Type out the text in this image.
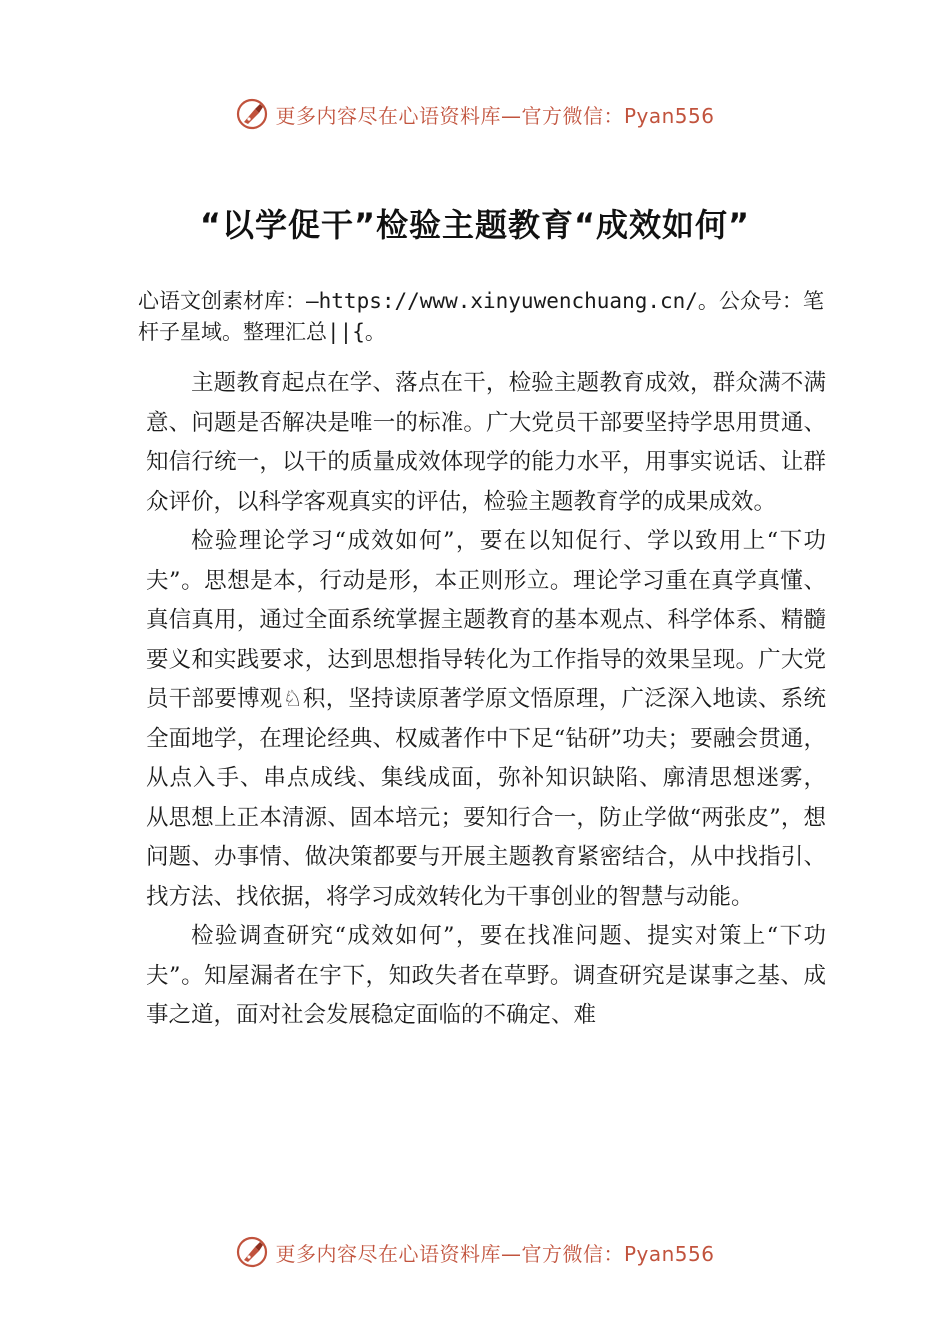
更多内容尽在心语资料库—官方微信：Pyan556
“以学促干”检验主题教育“成效如何”
心语文创素材库：—https://www.xinyuwenchuang.cn/。公众号：笔杆子星域。整理汇总||{。

主题教育起点在学、落点在干，检验主题教育成效，群众满不满意、问题是否解决是唯一的标准。广大党员干部要坚持学思用贯通、知信行统一，以干的质量成效体现学的能力水平，用事实说话、让群众评价，以科学客观真实的评估，检验主题教育学的成果成效。

检验理论学习“成效如何”，要在以知促行、学以致用上“下功夫”。思想是本，行动是形，本正则形立。理论学习重在真学真懂、真信真用，通过全面系统掌握主题教育的基本观点、科学体系、精髓要义和实践要求，达到思想指导转化为工作指导的效果呈现。广大党员干部要博观♘积，坚持读原著学原文悟原理，广泛深入地读、系统全面地学，在理论经典、权威著作中下足“钻研”功夫；要融会贯通，从点入手、串点成线、集线成面，弥补知识缺陷、廓清思想迷雾， 从思想上正本清源、固本培元；要知行合一，防止学做“两张皮”，想问题、办事情、做决策都要与开展主题教育紧密结合，从中找指引、找方法、找依据，将学习成效转化为干事创业的智慧与动能。

检验调查研究“成效如何”，要在找准问题、提实对策上“下功夫”。知屋漏者在宇下，知政失者在草野。调查研究是谋事之基、成事之道，面对社会发展稳定面临的不确定、难

更多内容尽在心语资料库—官方微信：Pyan556
